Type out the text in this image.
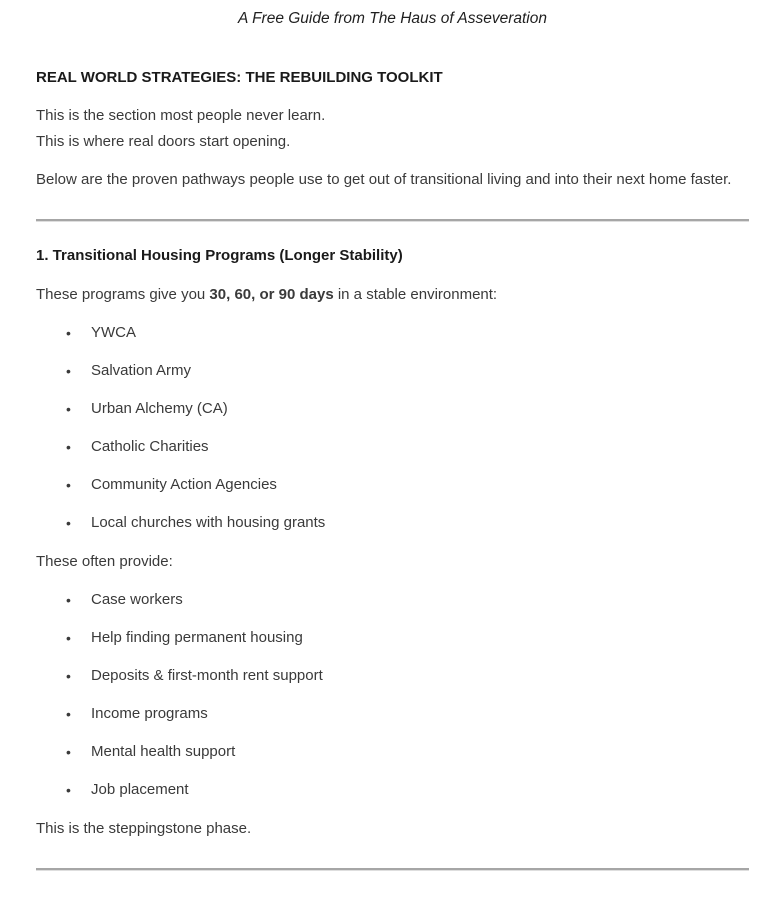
A Free Guide from The Haus of Asseveration

REAL WORLD STRATEGIES: THE REBUILDING TOOLKIT

This is the section most people never learn.
This is where real doors start opening.

Below are the proven pathways people use to get out of transitional living and into their next home faster.

1. Transitional Housing Programs (Longer Stability)

These programs give you 30, 60, or 90 days in a stable environment:

• YWCA
• Salvation Army
• Urban Alchemy (CA)
• Catholic Charities
• Community Action Agencies
• Local churches with housing grants

These often provide:

• Case workers
• Help finding permanent housing
• Deposits & first-month rent support
• Income programs
• Mental health support
• Job placement

This is the steppingstone phase.
